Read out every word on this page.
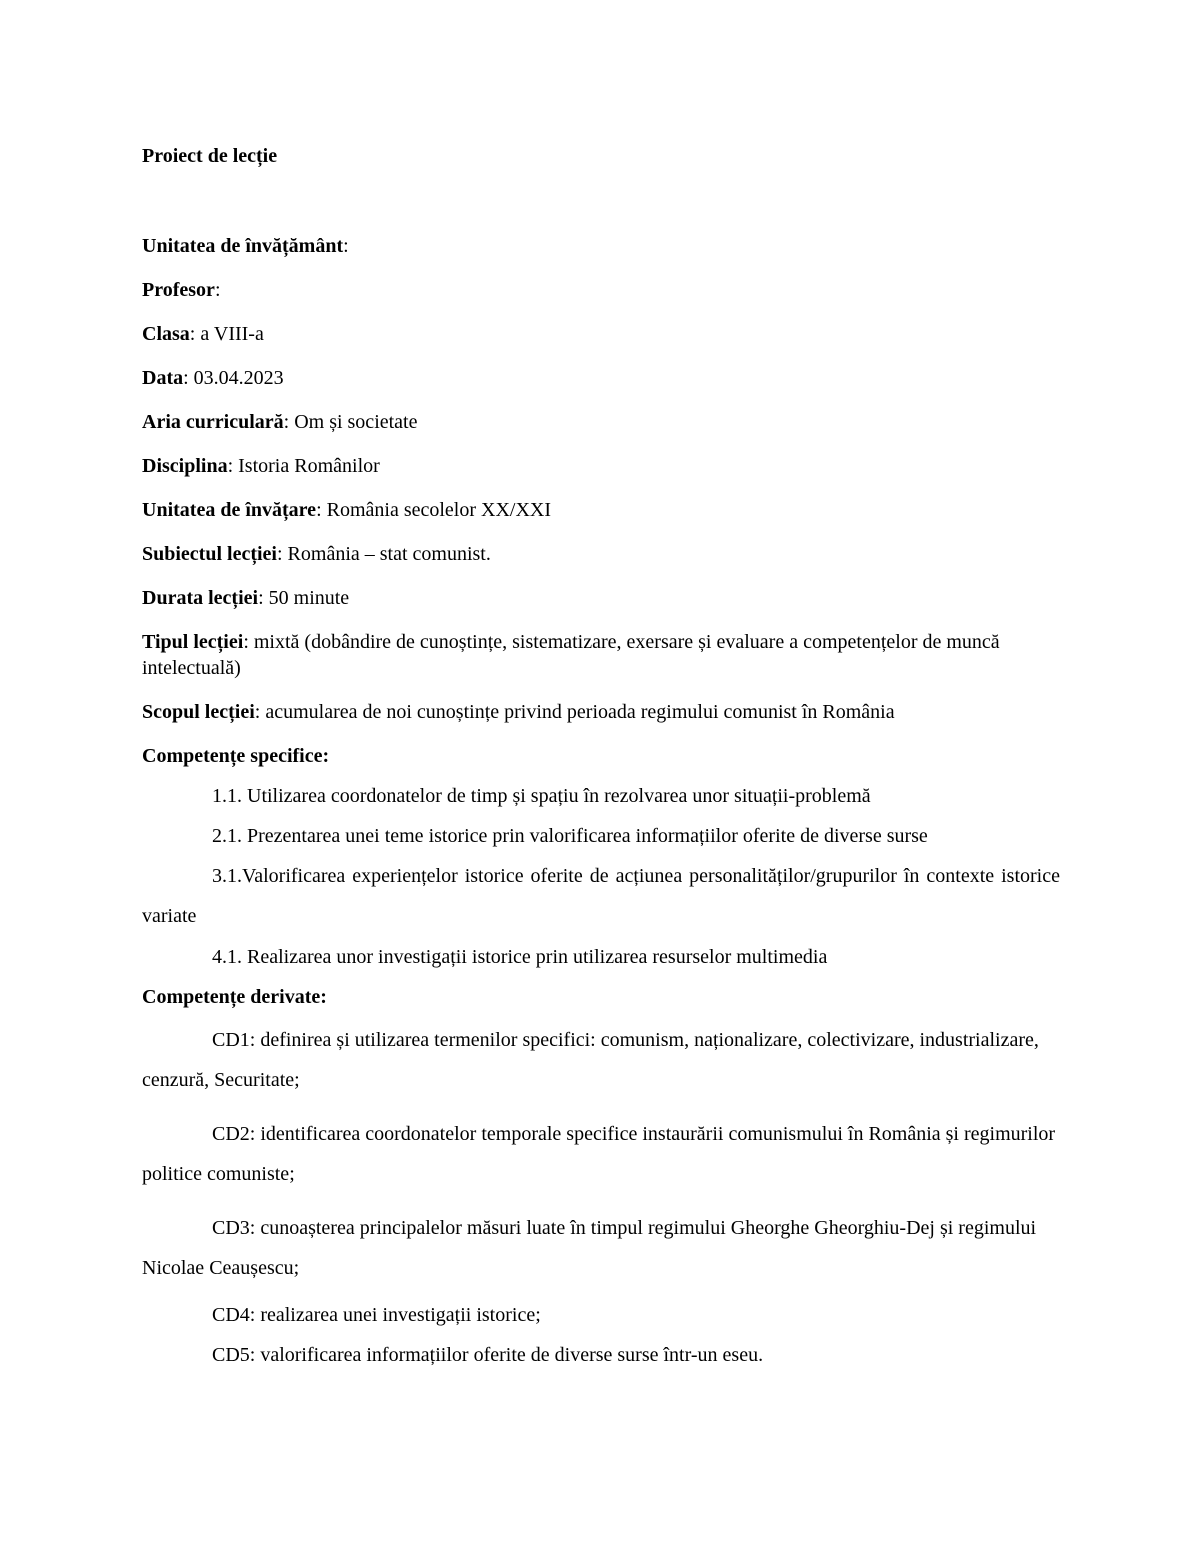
Proiect de lecție

Unitatea de învățământ:

Profesor:

Clasa: a VIII-a

Data: 03.04.2023

Aria curriculară: Om și societate

Disciplina: Istoria Românilor

Unitatea de învățare: România secolelor XX/XXI

Subiectul lecției: România – stat comunist.

Durata lecției: 50 minute

Tipul lecției: mixtă (dobândire de cunoștințe, sistematizare, exersare și evaluare a competențelor de muncă intelectuală)

Scopul lecției: acumularea de noi cunoștințe privind perioada regimului comunist în România

Competențe specifice:

1.1. Utilizarea coordonatelor de timp și spațiu în rezolvarea unor situații-problemă

2.1. Prezentarea unei teme istorice prin valorificarea informațiilor oferite de diverse surse

3.1.Valorificarea experiențelor istorice oferite de acțiunea personalităților/grupurilor în contexte istorice variate

4.1. Realizarea unor investigații istorice prin utilizarea resurselor multimedia

Competențe derivate:

CD1: definirea și utilizarea termenilor specifici: comunism, naționalizare, colectivizare, industrializare, cenzură, Securitate;

CD2: identificarea coordonatelor temporale specifice instaurării comunismului în România și regimurilor politice comuniste;

CD3: cunoașterea principalelor măsuri luate în timpul regimului Gheorghe Gheorghiu-Dej și regimului Nicolae Ceaușescu;

CD4: realizarea unei investigații istorice;

CD5: valorificarea informațiilor oferite de diverse surse într-un eseu.
